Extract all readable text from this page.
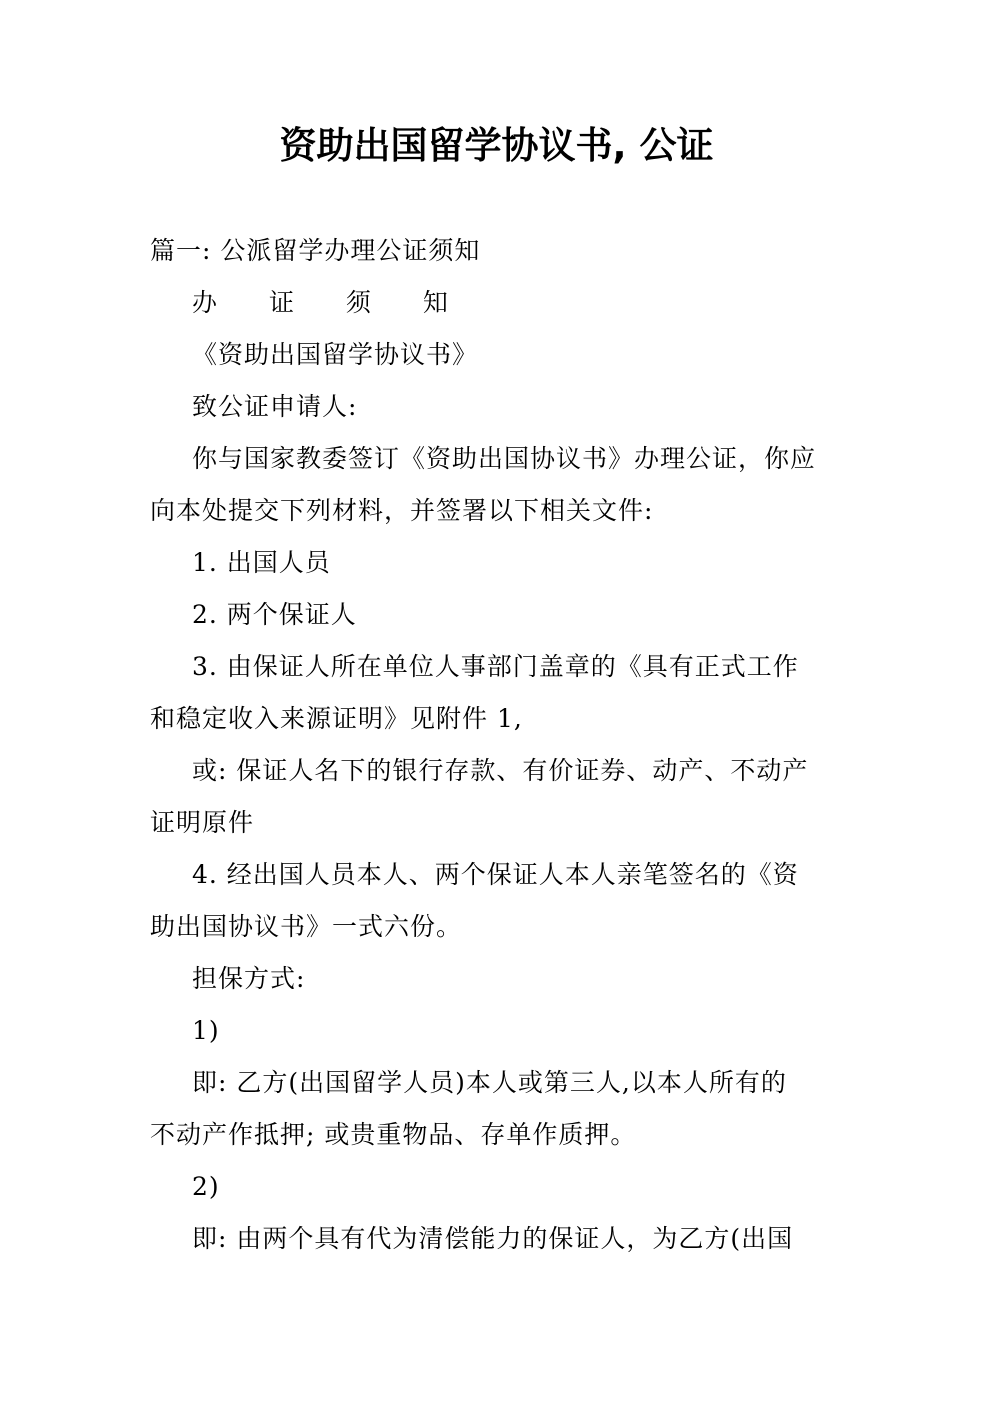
资助出国留学协议书, 公证
篇一: 公派留学办理公证须知
办 证 须 知
《资助出国留学协议书》
致公证申请人:
你与国家教委签订《资助出国协议书》办理公证，你应
向本处提交下列材料，并签署以下相关文件:
1. 出国人员
2. 两个保证人
3. 由保证人所在单位人事部门盖章的《具有正式工作
和稳定收入来源证明》见附件 1,
或: 保证人名下的银行存款、有价证券、动产、不动产
证明原件
4. 经出国人员本人、两个保证人本人亲笔签名的《资
助出国协议书》一式六份。
担保方式:
1)
即: 乙方(出国留学人员)本人或第三人,以本人所有的
不动产作抵押; 或贵重物品、存单作质押。
2)
即: 由两个具有代为清偿能力的保证人，为乙方(出国
